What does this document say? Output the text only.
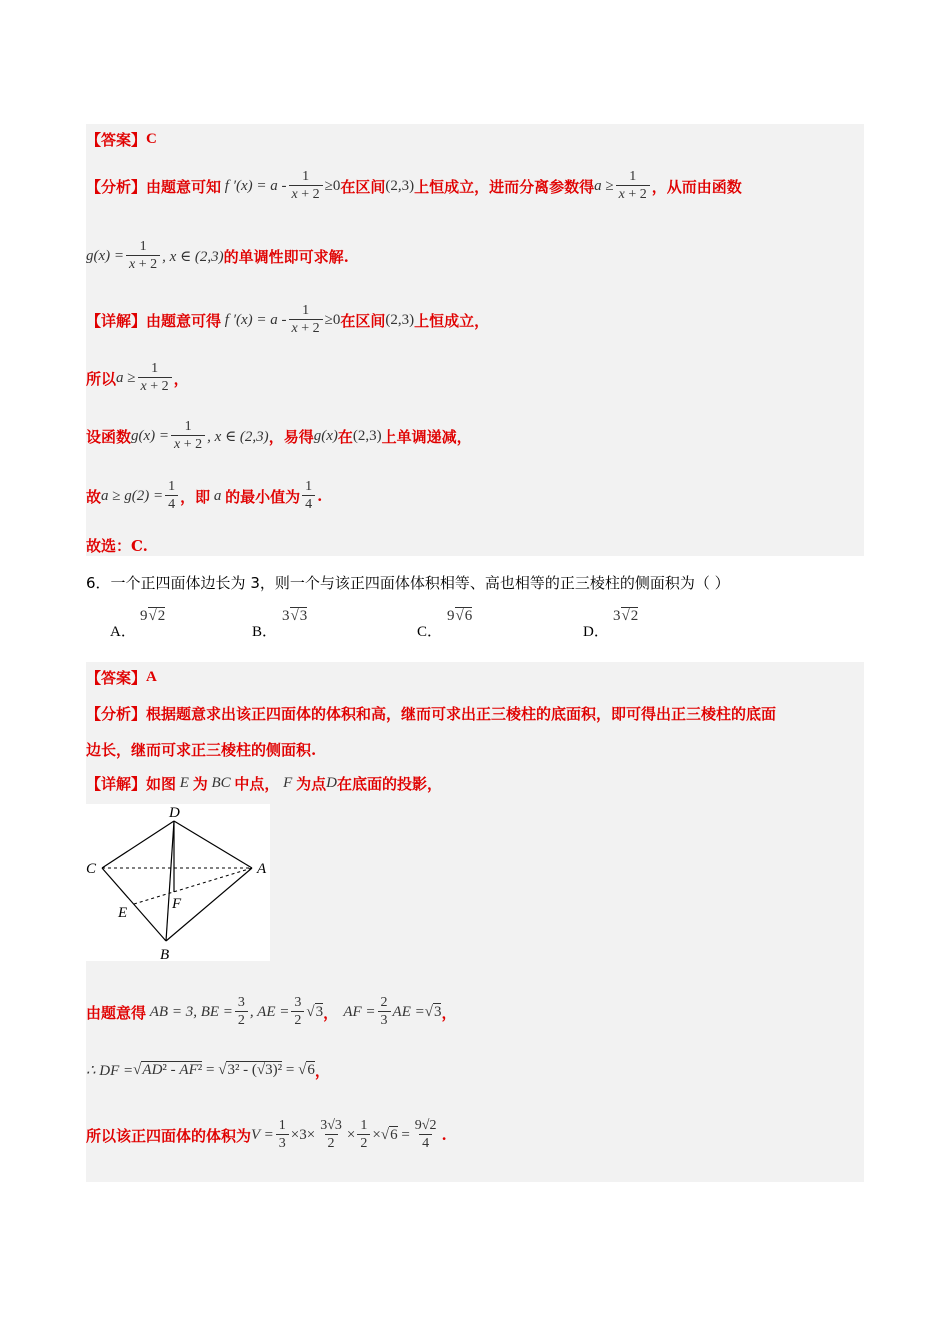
【答案】 C
【分析】 由题意可知 f $'(x) = a - \frac{1}{x + 2} \ge 0$ 在区间 (2,3) 上恒成立，进而分离参数得 $a \ge \frac{1}{x + 2}$ ，从而由函数
$g(x) = \frac{1}{x + 2}$ , x ∈ (2,3) 的单调性即可求解.
【详解】 由题意可得 f $'(x) = a - \frac{1}{x + 2} \ge 0$ 在区间 (2,3) 上恒成立，
所以 $a \ge \frac{1}{x + 2}$ ，
设函数 $g(x) = \frac{1}{x + 2}$ , x ∈ (2,3) ，易得 g(x) 在 (2,3) 上单调递减，
故 $a \ge g(2) = \frac{1}{4}$ ，即 a 的最小值为 $\frac{1}{4}$ .
故选：C.
6．一个正四面体边长为 3，则一个与该正四面体体积相等、高也相等的正三棱柱的侧面积为（ ）
A．
9√2
B．
3√3
C．
9√6
D．
3√2
【答案】 A
【分析】 根据题意求出该正四面体的体积和高，继而可求出正三棱柱的底面积，即可得出正三棱柱的底面
边长，继而可求正三棱柱的侧面积.
【详解】 如图 E 为 BC 中点， F 为点 D 在底面的投影，
D
C	A
E
F
B
由题意得 AB = 3, BE = $\frac{3}{2}$ , AE = $\frac{3}{2} √3$ ， AF = $\frac{2}{3}$ AE = √3 ，
∴ DF = √AD² - AF² = √3² - (√3)² = √6 ，
所以该正四面体的体积为 $V = \frac{1}{3} \times 3\times \frac{3√3}{2} \times \frac{1}{2} \times√6 = \frac{9√2}{4}$ .
